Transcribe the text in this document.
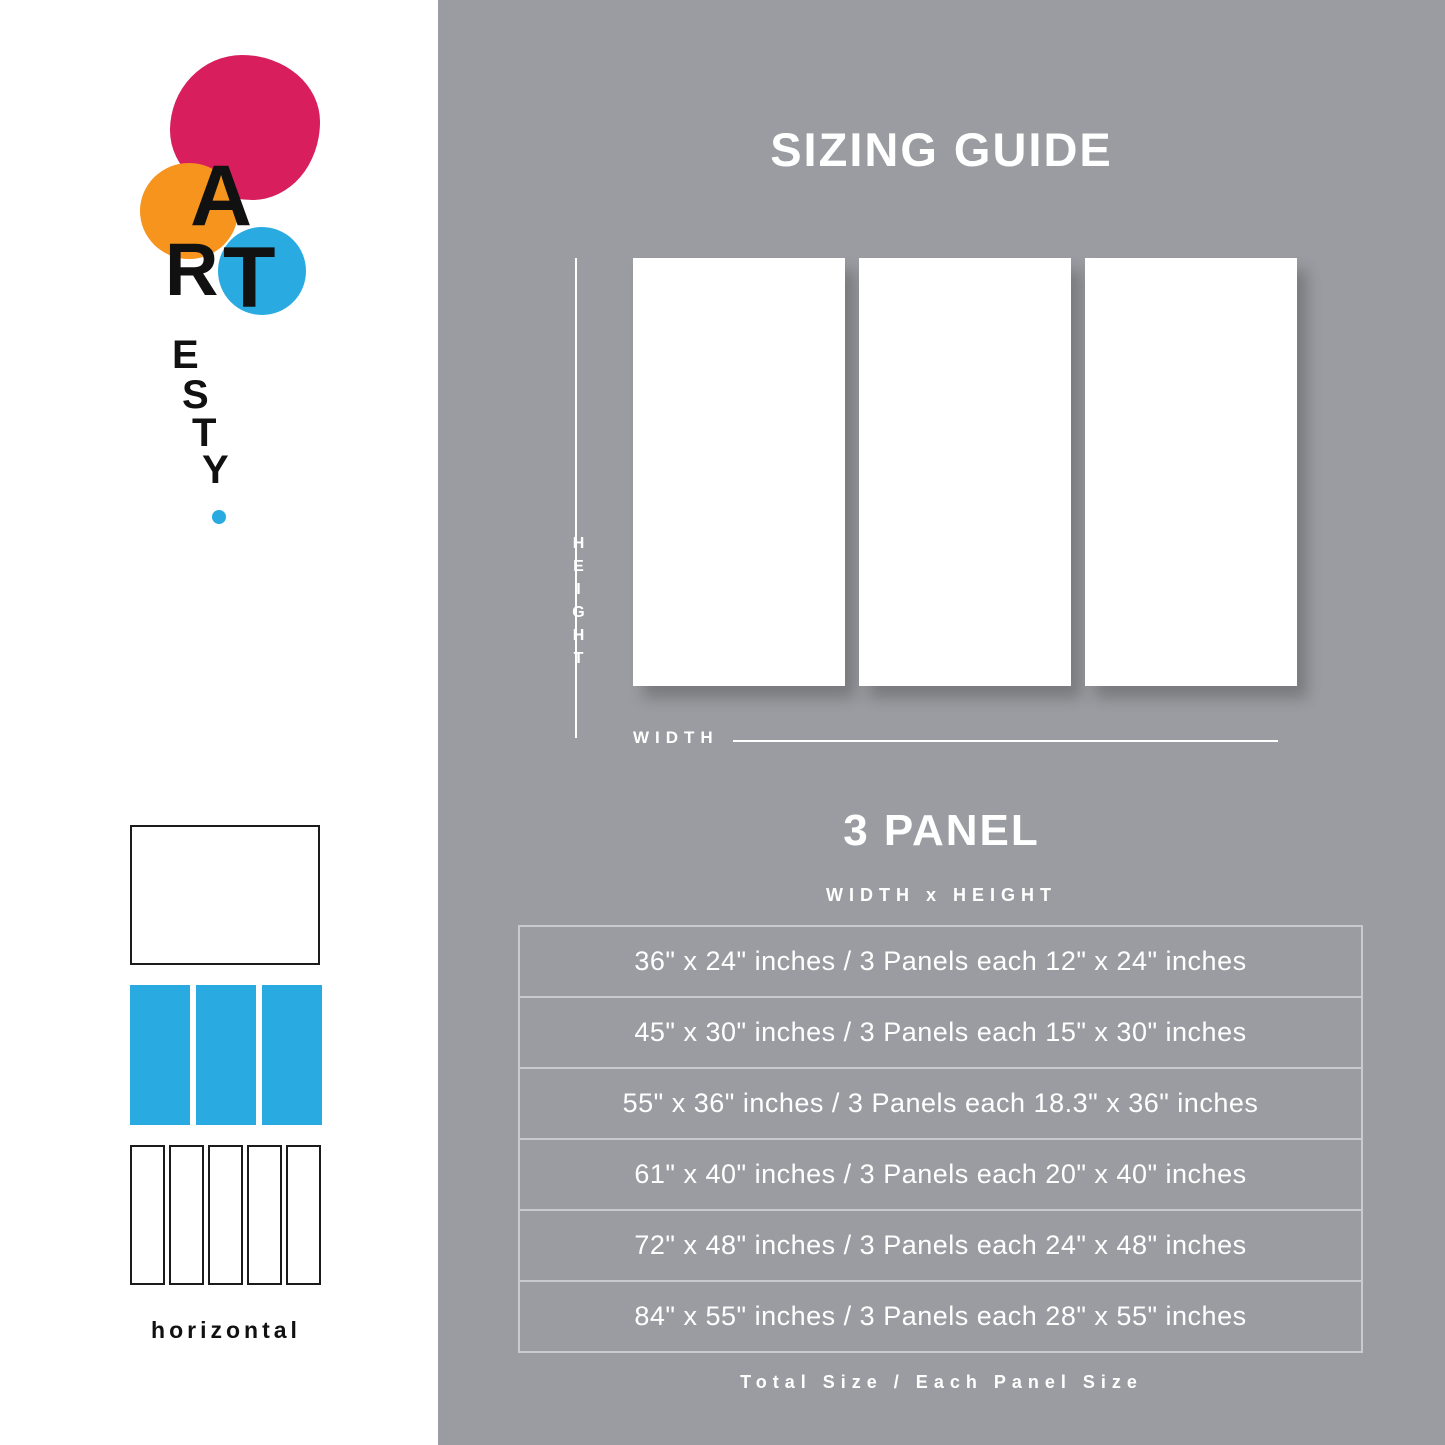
A
R T
E
S
T
Y
horizontal
SIZING GUIDE
HEIGHT
WIDTH
3 PANEL
WIDTH x HEIGHT
36" x 24" inches / 3 Panels each 12" x 24" inches
45" x 30" inches / 3 Panels each 15" x 30" inches
55" x 36" inches / 3 Panels each 18.3" x 36" inches
61" x 40" inches / 3 Panels each 20" x 40" inches
72" x 48" inches / 3 Panels each 24" x 48" inches
84" x 55" inches / 3 Panels each 28" x 55" inches
Total Size / Each Panel Size
